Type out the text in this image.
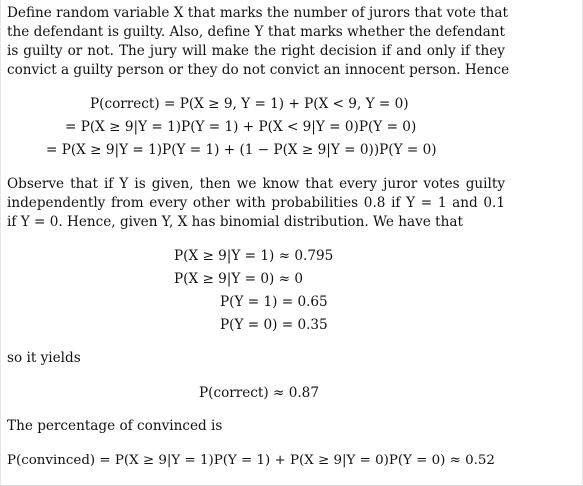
Define random variable X that marks the number of jurors that vote that
the defendant is guilty. Also, define Y that marks whether the defendant
is guilty or not. The jury will make the right decision if and only if they
convict a guilty person or they do not convict an innocent person. Hence
P(correct) = P(X ≥ 9, Y = 1) + P(X < 9, Y = 0)
= P(X ≥ 9|Y = 1)P(Y = 1) + P(X < 9|Y = 0)P(Y = 0)
= P(X ≥ 9|Y = 1)P(Y = 1) + (1 − P(X ≥ 9|Y = 0))P(Y = 0)
Observe that if Y is given, then we know that every juror votes guilty
independently from every other with probabilities 0.8 if Y = 1 and 0.1
if Y = 0. Hence, given Y, X has binomial distribution. We have that
P(X ≥ 9|Y = 1) ≈ 0.795
P(X ≥ 9|Y = 0) ≈ 0
P(Y = 1) = 0.65
P(Y = 0) = 0.35
so it yields
P(correct) ≈ 0.87
The percentage of convinced is
P(convinced) = P(X ≥ 9|Y = 1)P(Y = 1) + P(X ≥ 9|Y = 0)P(Y = 0) ≈ 0.52
